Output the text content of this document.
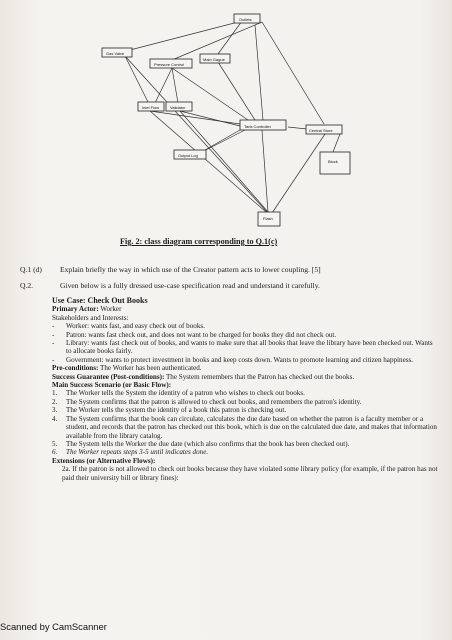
Outlets
Gas Valve
Main Gague
Pressure Control
Inlet Flow	Validator
Tank Controller
Central Store
Output Log
Block
Flash
Fig. 2: class diagram corresponding to Q.1(c)
Q.1 (d) Explain briefly the way in which use of the Creator pattern acts to lower coupling. [5]
Q.2.	Given below is a fully dressed use-case specification read and understand it carefully.
Use Case: Check Out Books
Primary Actor: Worker
Stakeholders and Interests:
- Worker: wants fast, and easy check out of books.
- Patron: wants fast check out, and does not want to be charged for books they did not check out.
- Library: wants fast check out of books, and wants to make sure that all books that leave the library have been checked out. Wants to allocate books fairly.
- Government: wants to protect investment in books and keep costs down. Wants to promote learning and citizen happiness.
Pre-conditions: The Worker has been authenticated.
Success Guarantee (Post-conditions): The System remembers that the Patron has checked out the books.
Main Success Scenario (or Basic Flow):
1. The Worker tells the System the identity of a patron who wishes to check out books.
2. The System confirms that the patron is allowed to check out books, and remembers the patron's identity.
3. The Worker tells the system the identity of a book this patron is checking out.
4. The System confirms that the book can circulate, calculates the due date based on whether the patron is a faculty member or a student, and records that the patron has checked out this book, which is due on the calculated due date, and makes that information available from the library catalog.
5. The System tells the Worker the due date (which also confirms that the book has been checked out).
6. The Worker repeats steps 3-5 until indicates done.
Extensions (or Alternative Flows):
2a. If the patron is not allowed to check out books because they have violated some library policy (for example, if the patron has not paid their university bill or library fines):
Scanned by CamScanner
